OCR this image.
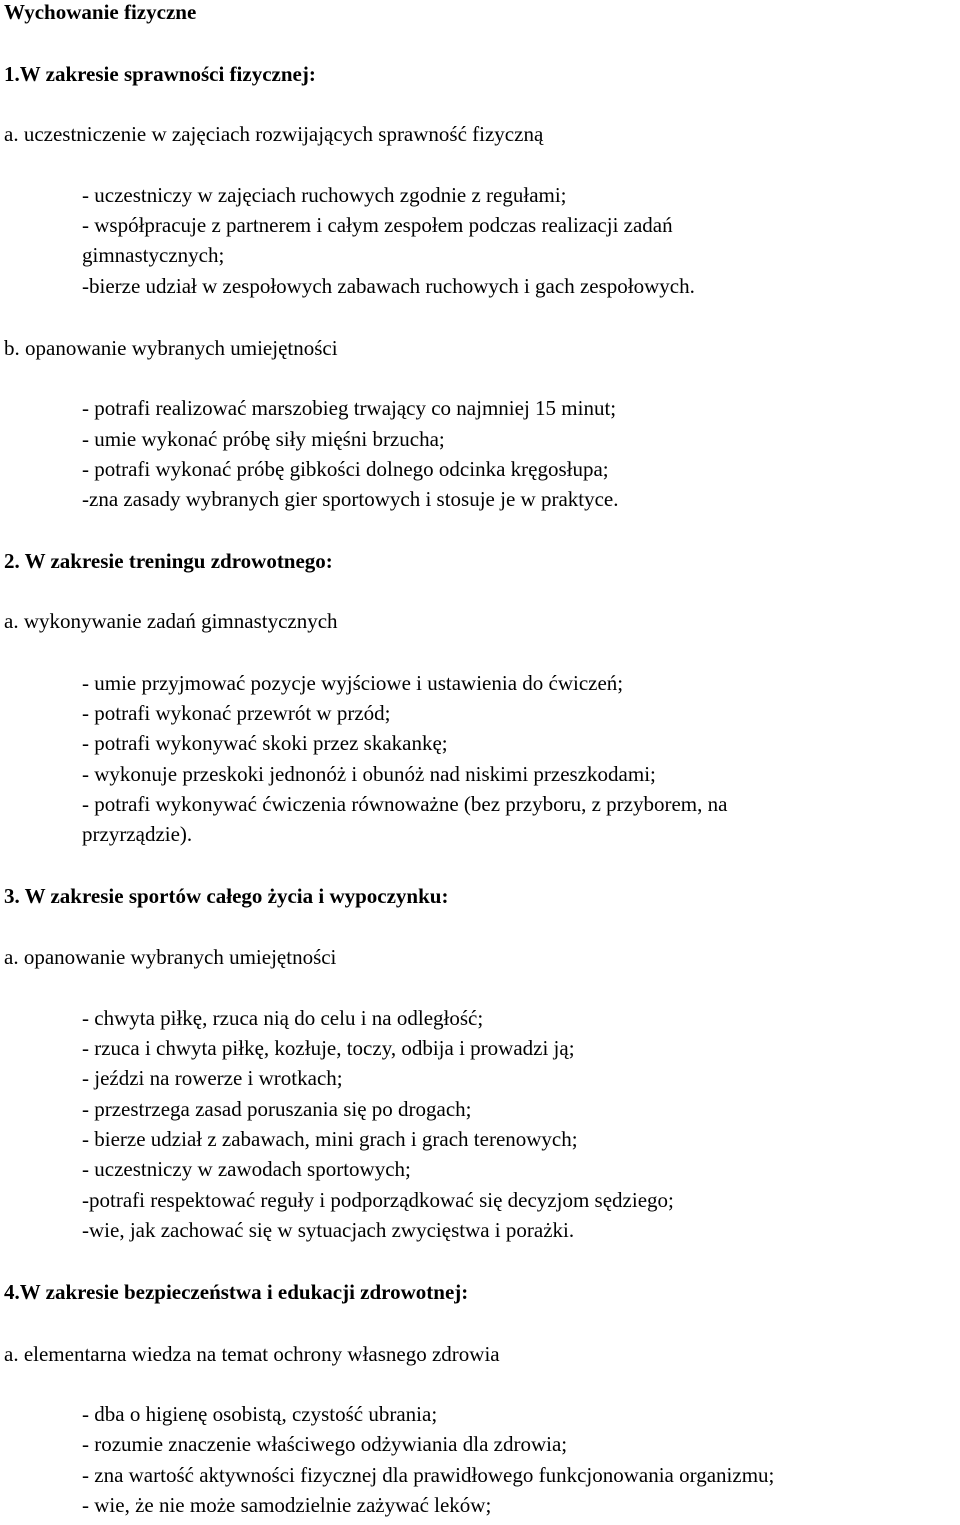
Wychowanie fizyczne
1.W zakresie sprawności fizycznej:
a. uczestniczenie w zajęciach rozwijających sprawność fizyczną
- uczestniczy w zajęciach ruchowych zgodnie z regułami;
- współpracuje z partnerem i całym zespołem podczas realizacji zadań
gimnastycznych;
-bierze udział w zespołowych zabawach ruchowych i gach zespołowych.
b. opanowanie wybranych umiejętności
- potrafi realizować marszobieg trwający co najmniej 15 minut;
- umie wykonać próbę siły mięśni brzucha;
- potrafi wykonać próbę gibkości dolnego odcinka kręgosłupa;
-zna zasady wybranych gier sportowych i stosuje je w praktyce.
2. W zakresie treningu zdrowotnego:
a. wykonywanie zadań gimnastycznych
- umie przyjmować pozycje wyjściowe i ustawienia do ćwiczeń;
- potrafi wykonać przewrót w przód;
- potrafi wykonywać skoki przez skakankę;
- wykonuje przeskoki jednonóż i obunóż nad niskimi przeszkodami;
- potrafi wykonywać ćwiczenia równoważne (bez przyboru, z przyborem, na
przyrządzie).
3. W zakresie sportów całego życia i wypoczynku:
a. opanowanie wybranych umiejętności
- chwyta piłkę, rzuca nią do celu i na odległość;
- rzuca i chwyta piłkę, kozłuje, toczy, odbija i prowadzi ją;
- jeździ na rowerze i wrotkach;
- przestrzega zasad poruszania się po drogach;
- bierze udział z zabawach, mini grach i grach terenowych;
- uczestniczy w zawodach sportowych;
-potrafi respektować reguły i podporządkować się decyzjom sędziego;
-wie, jak zachować się w sytuacjach zwycięstwa i porażki.
4.W zakresie bezpieczeństwa i edukacji zdrowotnej:
a. elementarna wiedza na temat ochrony własnego zdrowia
- dba o higienę osobistą, czystość ubrania;
- rozumie znaczenie właściwego odżywiania dla zdrowia;
- zna wartość aktywności fizycznej dla prawidłowego funkcjonowania organizmu;
- wie, że nie może samodzielnie zażywać leków;
